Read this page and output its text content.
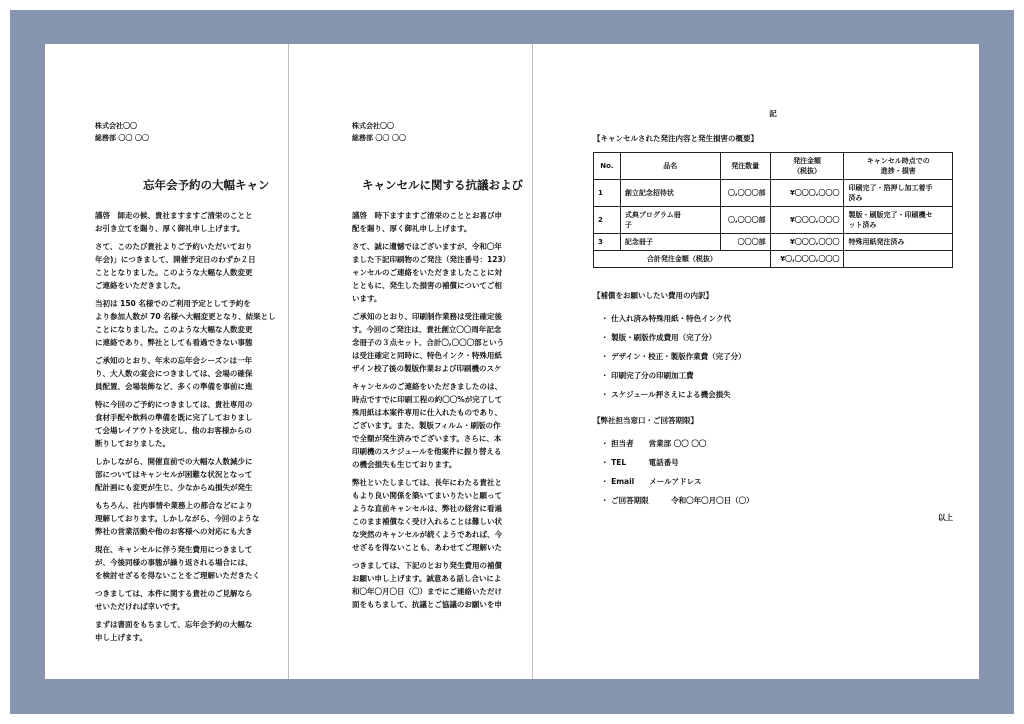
株式会社〇〇
総務部 〇〇 〇〇
忘年会予約の大幅キャン

謹啓　師走の候、貴社ますますご清栄のことと
お引き立てを賜り、厚く御礼申し上げます。

さて、このたび貴社よりご予約いただいており
年会)」につきまして、開催予定日のわずか２日
こととなりました。このような大幅な人数変更
ご連絡をいただきました。

当初は 150 名様でのご利用予定として予約を
より参加人数が 70 名様へ大幅変更となり、結果とし
ことになりました。このような大幅な人数変更
に連絡であり、弊社としても看過できない事態

ご承知のとおり、年末の忘年会シーズンは一年
り、大人数の宴会につきましては、会場の確保
員配置、会場装飾など、多くの準備を事前に進

特に今回のご予約につきましては、貴社専用の
食材手配や飲料の準備を既に完了しておりまし
て会場レイアウトを決定し、他のお客様からの
断りしておりました。

しかしながら、開催直前での大幅な人数減少に
部についてはキャンセルが困難な状況となって
配計画にも変更が生じ、少なからぬ損失が発生

もちろん、社内事情や業務上の都合などにより
理解しております。しかしながら、今回のような
弊社の営業活動や他のお客様への対応にも大き

現在、キャンセルに伴う発生費用につきまして
が、今後同様の事態が繰り返される場合には、
を検討せざるを得ないことをご理解いただきたく

つきましては、本件に関する貴社のご見解なら
せいただければ幸いです。

まずは書面をもちまして、忘年会予約の大幅な
申し上げます。

株式会社〇〇
総務部 〇〇 〇〇
キャンセルに関する抗議および

謹啓　時下ますますご清栄のこととお喜び申
配を賜り、厚く御礼申し上げます。

さて、誠に遺憾ではございますが、令和〇年
ました下記印刷物のご発注（発注番号：123）
ャンセルのご連絡をいただきましたことに対
とともに、発生した損害の補償についてご相
います。

ご承知のとおり、印刷制作業務は受注確定後
す。今回のご発注は、貴社創立〇〇周年記念
念冊子の３点セット、合計〇,〇〇〇部という
は受注確定と同時に、特色インク・特殊用紙
ザイン校了後の製版作業および印刷機のスケ

キャンセルのご連絡をいただきましたのは、
時点ですでに印刷工程の約〇〇%が完了して
殊用紙は本案件専用に仕入れたものであり、
ございます。また、製版フィルム・刷版の作
で全額が発生済みでございます。さらに、本
印刷機のスケジュールを他案件に振り替える
の機会損失も生じております。

弊社といたしましては、長年にわたる貴社と
もより良い関係を築いてまいりたいと願って
ような直前キャンセルは、弊社の経営に看過
このまま補償なく受け入れることは難しい状
な突然のキャンセルが続くようであれば、今
せざるを得ないことも、あわせてご理解いた

つきましては、下記のとおり発生費用の補償
お願い申し上げます。誠意ある話し合いによ
和〇年〇月〇日（〇）までにご連絡いただけ
面をもちまして、抗議とご協議のお願いを申

記
【キャンセルされた発注内容と発生損害の概要】
No.	品名	発注数量	発注金額
（税抜）	キャンセル時点での
進捗・損害
1	創立記念招待状	〇,〇〇〇部	¥〇〇〇,〇〇〇	印刷完了・箔押し加工着手
済み
2	式典プログラム冊
子	〇,〇〇〇部	¥〇〇〇,〇〇〇	製版・刷版完了・印刷機セ
ット済み
3	記念冊子	〇〇〇部	¥〇〇〇,〇〇〇	特殊用紙発注済み
合計発注金額（税抜）			¥〇,〇〇〇,〇〇〇	
【補償をお願いしたい費用の内訳】
・ 仕入れ済み特殊用紙・特色インク代
・ 製版・刷版作成費用（完了分）
・ デザイン・校正・製版作業費（完了分）
・ 印刷完了分の印刷加工費
・ スケジュール押さえによる機会損失
【弊社担当窓口・ご回答期限】
・ 担当者　　営業部 〇〇 〇〇
・ TEL　　　電話番号
・ Email　　メールアドレス
・ ご回答期限　　　令和〇年〇月〇日（〇）
以上
